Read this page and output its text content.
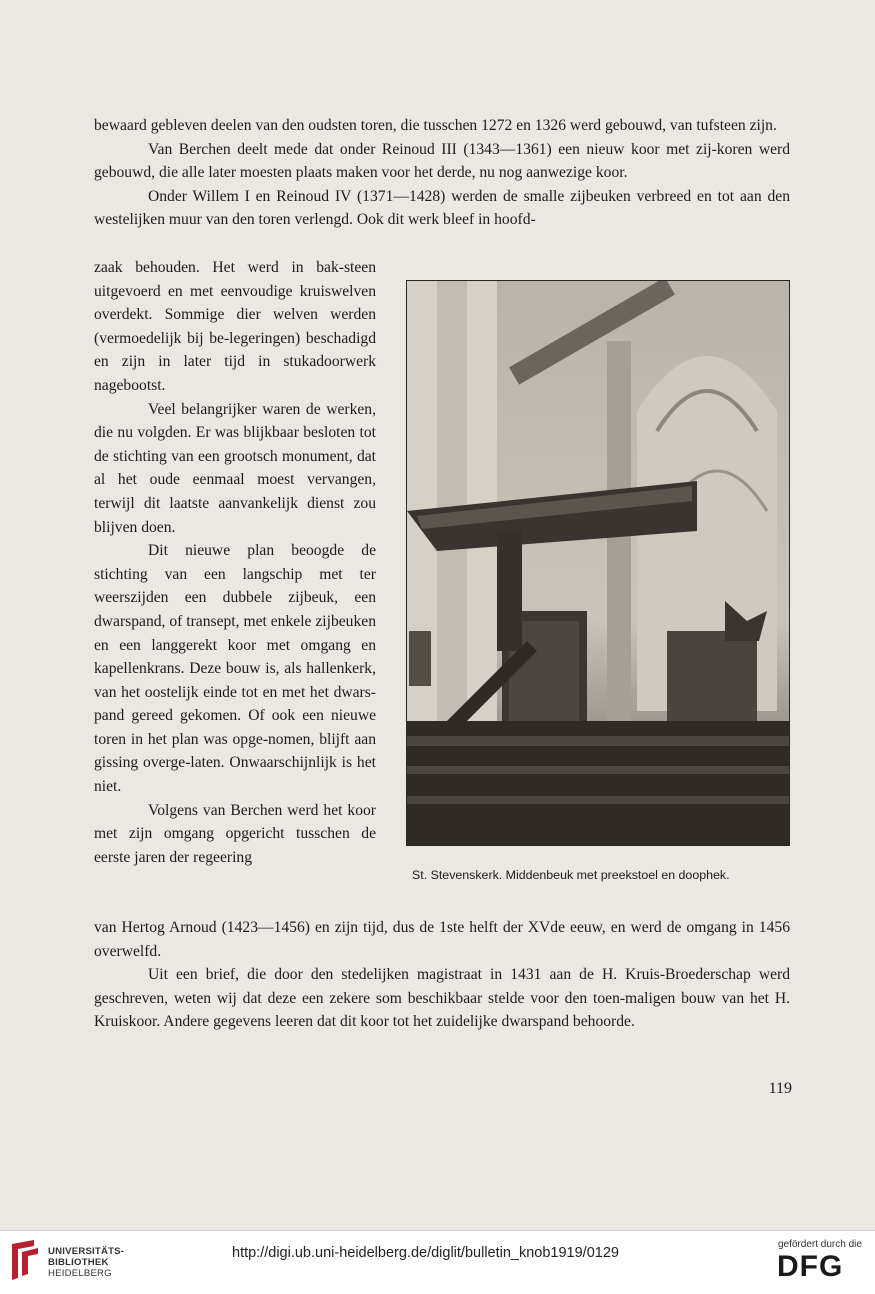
bewaard gebleven deelen van den oudsten toren, die tusschen 1272 en 1326 werd gebouwd, van tufsteen zijn.

Van Berchen deelt mede dat onder Reinoud III (1343—1361) een nieuw koor met zij-koren werd gebouwd, die alle later moesten plaats maken voor het derde, nu nog aanwezige koor.

Onder Willem I en Reinoud IV (1371—1428) werden de smalle zijbeuken verbreed en tot aan den westelijken muur van den toren verlengd. Ook dit werk bleef in hoofd-

zaak behouden. Het werd in bak-steen uitgevoerd en met eenvoudige kruiswelven overdekt. Sommige dier welven werden (vermoedelijk bij be-legeringen) beschadigd en zijn in later tijd in stukadoorwerk nagebootst.

Veel belangrijker waren de werken, die nu volgden. Er was blijkbaar besloten tot de stichting van een grootsch monument, dat al het oude eenmaal moest vervangen, terwijl dit laatste aanvankelijk dienst zou blijven doen.

Dit nieuwe plan beoogde de stichting van een langschip met ter weerszijden een dubbele zijbeuk, een dwarspand, of transept, met enkele zijbeuken en een langgerekt koor met omgang en kapellenkrans. Deze bouw is, als hallenkerk, van het oostelijk einde tot en met het dwars-pand gereed gekomen. Of ook een nieuwe toren in het plan was opge-nomen, blijft aan gissing overge-laten. Onwaarschijnlijk is het niet.

Volgens van Berchen werd het koor met zijn omgang opgericht tusschen de eerste jaren der regeering

St. Stevenskerk. Middenbeuk met preekstoel en doophek.

van Hertog Arnoud (1423—1456) en zijn tijd, dus de 1ste helft der XVde eeuw, en werd de omgang in 1456 overwelfd.

Uit een brief, die door den stedelijken magistraat in 1431 aan de H. Kruis-Broederschap werd geschreven, weten wij dat deze een zekere som beschikbaar stelde voor den toen-maligen bouw van het H. Kruiskoor. Andere gegevens leeren dat dit koor tot het zuidelijke dwarspand behoorde.

119
UNIVERSITÄTS-
BIBLIOTHEK
HEIDELBERG
http://digi.ub.uni-heidelberg.de/diglit/bulletin_knob1919/0129
gefördert durch die
DFG
